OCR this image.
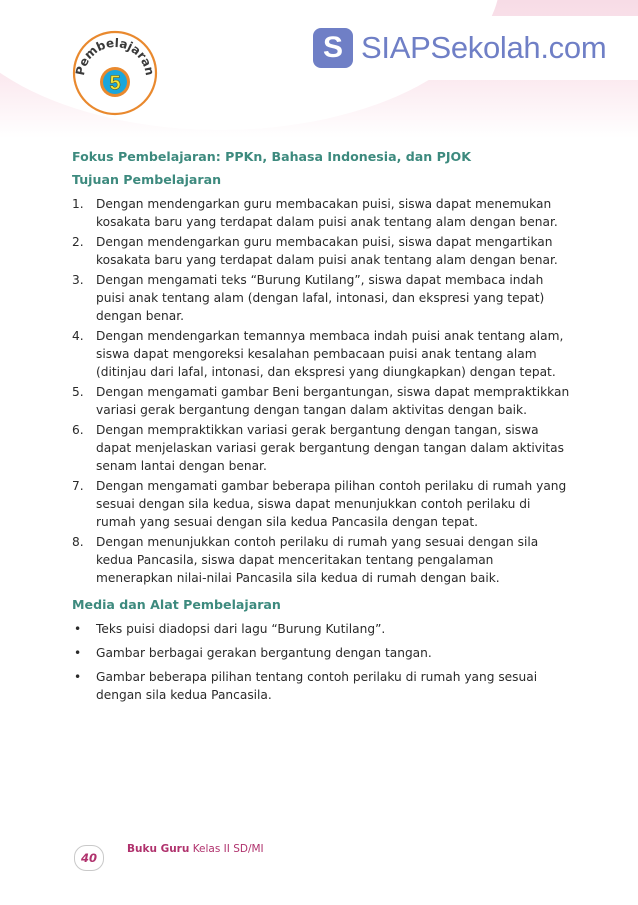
S SIAPSekolah.com
Pembelajaran
5
Fokus Pembelajaran: PPKn, Bahasa Indonesia, dan PJOK
Tujuan Pembelajaran
1. Dengan mendengarkan guru membacakan puisi, siswa dapat menemukan kosakata baru yang terdapat dalam puisi anak tentang alam dengan benar.
2. Dengan mendengarkan guru membacakan puisi, siswa dapat mengartikan kosakata baru yang terdapat dalam puisi anak tentang alam dengan benar.
3. Dengan mengamati teks “Burung Kutilang”, siswa dapat membaca indah puisi anak tentang alam (dengan lafal, intonasi, dan ekspresi yang tepat) dengan benar.
4. Dengan mendengarkan temannya membaca indah puisi anak tentang alam, siswa dapat mengoreksi kesalahan pembacaan puisi anak tentang alam (ditinjau dari lafal, intonasi, dan ekspresi yang diungkapkan) dengan tepat.
5. Dengan mengamati gambar Beni bergantungan, siswa dapat mempraktikkan variasi gerak bergantung dengan tangan dalam aktivitas dengan baik.
6. Dengan mempraktikkan variasi gerak bergantung dengan tangan, siswa dapat menjelaskan variasi gerak bergantung dengan tangan dalam aktivitas senam lantai dengan benar.
7. Dengan mengamati gambar beberapa pilihan contoh perilaku di rumah yang sesuai dengan sila kedua, siswa dapat menunjukkan contoh perilaku di rumah yang sesuai dengan sila kedua Pancasila dengan tepat.
8. Dengan menunjukkan contoh perilaku di rumah yang sesuai dengan sila kedua Pancasila, siswa dapat menceritakan tentang pengalaman menerapkan nilai-nilai Pancasila sila kedua di rumah dengan baik.
Media dan Alat Pembelajaran
• Teks puisi diadopsi dari lagu “Burung Kutilang”.
• Gambar berbagai gerakan bergantung dengan tangan.
• Gambar beberapa pilihan tentang contoh perilaku di rumah yang sesuai dengan sila kedua Pancasila.
40
Buku Guru Kelas II SD/MI
